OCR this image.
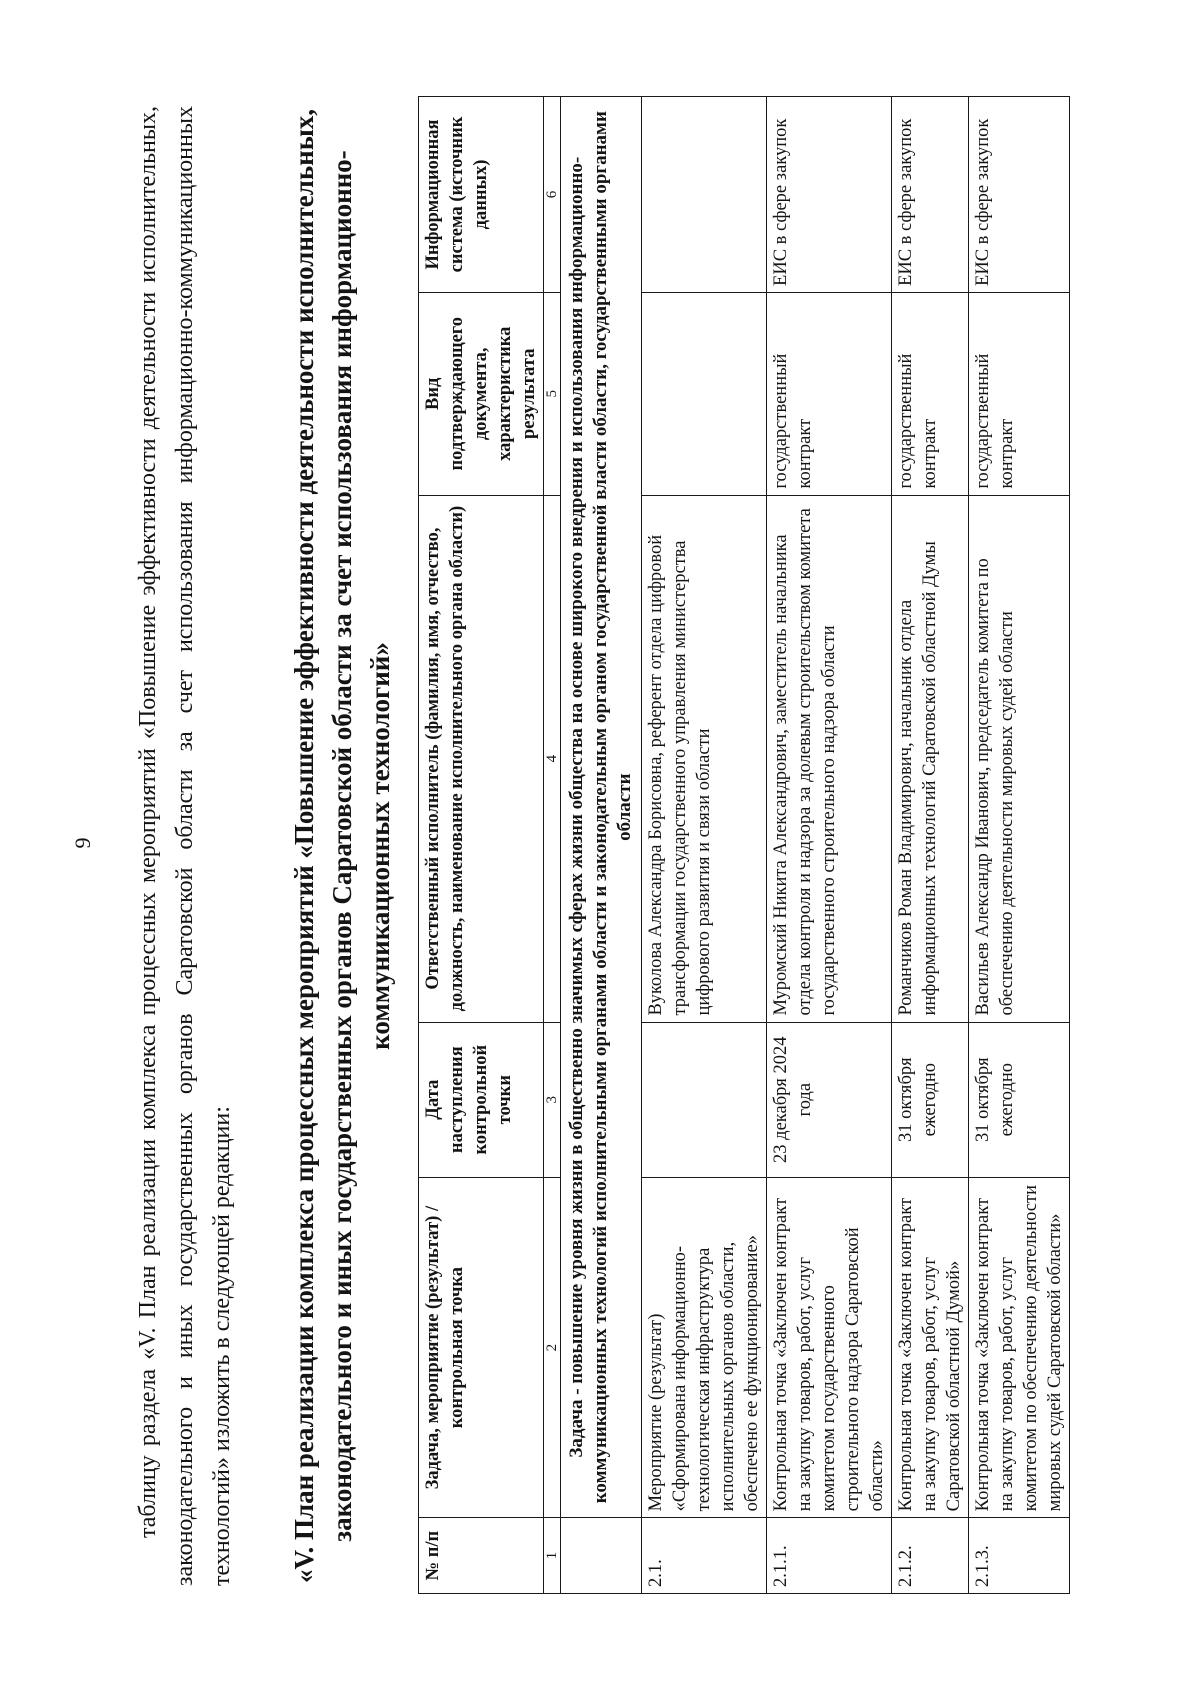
9 таблицу раздела «V. План реализации комплекса процессных мероприятий «Повышение эффективности деятельности исполнительных, законодательного и иных государственных органов Саратовской области за счет использования информационно-коммуникационных технологий» изложить в следующей редакции: «V. План реализации комплекса процессных мероприятий «Повышение эффективности деятельности исполнительных, законодательного и иных государственных органов Саратовской области за счет использования информационно-коммуникационных технологий»
№ п/п	Задача, мероприятие (результат) / контрольная точка	Дата наступления контрольной точки	Ответственный исполнитель (фамилия, имя, отчество, должность, наименование исполнительного органа области)	Вид подтверждающего документа, характеристика результата	Информационная система (источник данных)
1	2	3	4	5	6
	Задача - повышение уровня жизни в общественно значимых сферах жизни общества на основе широкого внедрения и использования информационно-коммуникационных технологий исполнительными органами области и законодательным органом государственной власти области, государственными органами области				
2.1.	Мероприятие (результат) «Сформирована информационно-технологическая инфраструктура исполнительных органов области, обеспечено ее функционирование»		Вуколова Александра Борисовна, референт отдела цифровой трансформации государственного управления министерства цифрового развития и связи области		
2.1.1.	Контрольная точка «Заключен контракт на закупку товаров, работ, услуг комитетом государственного строительного надзора Саратовской области»	23 декабря 2024 года	Муромский Никита Александрович, заместитель начальника отдела контроля и надзора за долевым строительством комитета государственного строительного надзора области	государственный контракт	ЕИС в сфере закупок
2.1.2.	Контрольная точка «Заключен контракт на закупку товаров, работ, услуг Саратовской областной Думой»	31 октября ежегодно	Романчиков Роман Владимирович, начальник отдела информационных технологий Саратовской областной Думы	государственный контракт	ЕИС в сфере закупок
2.1.3.	Контрольная точка «Заключен контракт на закупку товаров, работ, услуг комитетом по обеспечению деятельности мировых судей Саратовской области»	31 октября ежегодно	Васильев Александр Иванович, председатель комитета по обеспечению деятельности мировых судей области	государственный контракт	ЕИС в сфере закупок
